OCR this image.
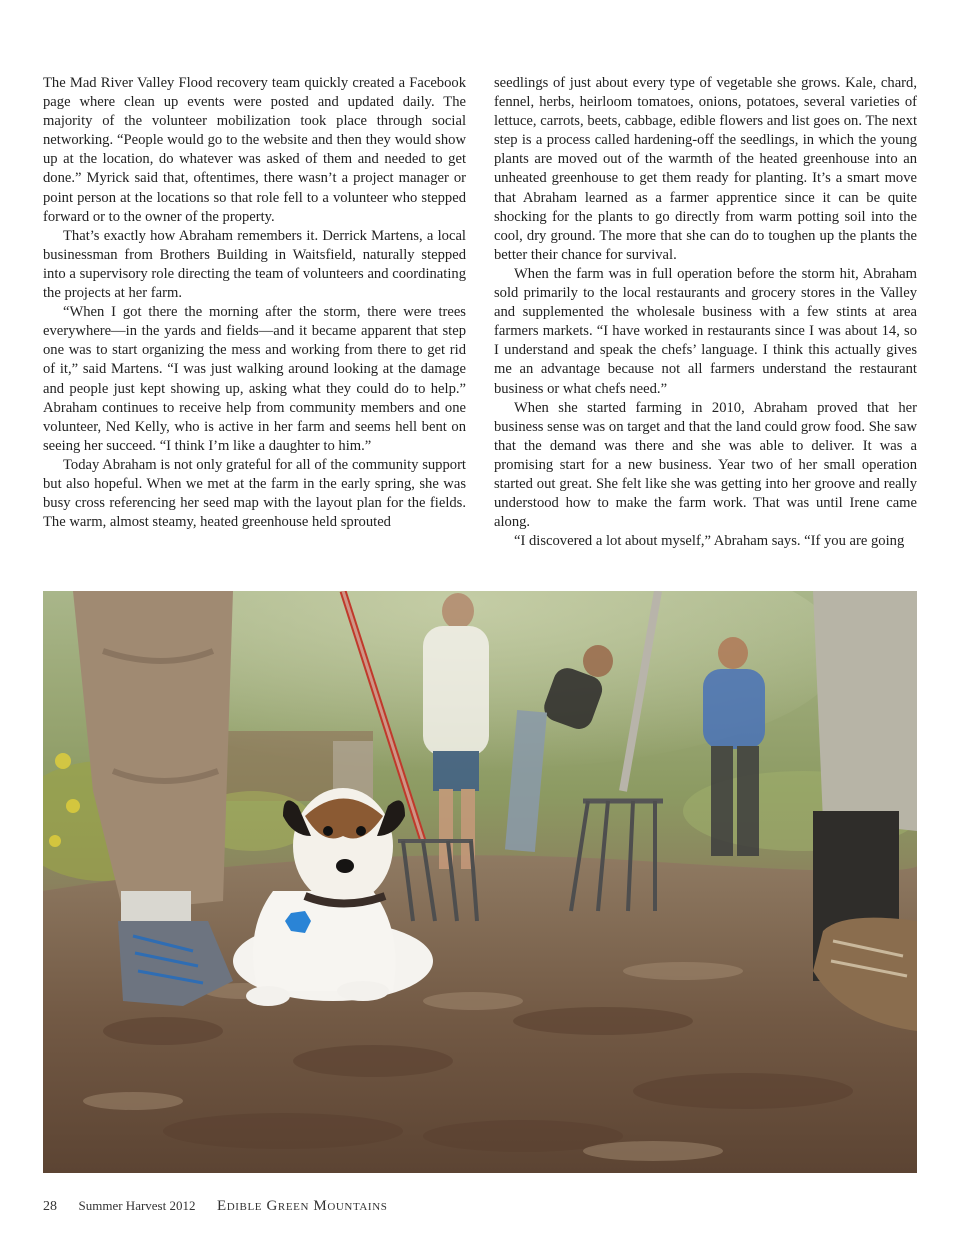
The Mad River Valley Flood recovery team quickly created a Facebook page where clean up events were posted and updated daily. The majority of the volunteer mobilization took place through social networking. “People would go to the website and then they would show up at the location, do whatever was asked of them and needed to get done.” Myrick said that, oftentimes, there wasn’t a project manager or point person at the locations so that role fell to a volunteer who stepped forward or to the owner of the property.

That’s exactly how Abraham remembers it. Derrick Martens, a local businessman from Brothers Building in Waitsfield, naturally stepped into a supervisory role directing the team of volunteers and coordinating the projects at her farm.

“When I got there the morning after the storm, there were trees everywhere—in the yards and fields—and it became apparent that step one was to start organizing the mess and working from there to get rid of it,” said Martens. “I was just walking around looking at the damage and people just kept showing up, asking what they could do to help.” Abraham continues to receive help from community members and one volunteer, Ned Kelly, who is active in her farm and seems hell bent on seeing her succeed. “I think I’m like a daughter to him.”

Today Abraham is not only grateful for all of the community support but also hopeful. When we met at the farm in the early spring, she was busy cross referencing her seed map with the layout plan for the fields. The warm, almost steamy, heated greenhouse held sprouted

seedlings of just about every type of vegetable she grows. Kale, chard, fennel, herbs, heirloom tomatoes, onions, potatoes, several varieties of lettuce, carrots, beets, cabbage, edible flowers and list goes on. The next step is a process called hardening-off the seedlings, in which the young plants are moved out of the warmth of the heated greenhouse into an unheated greenhouse to get them ready for planting. It’s a smart move that Abraham learned as a farmer apprentice since it can be quite shocking for the plants to go directly from warm potting soil into the cool, dry ground. The more that she can do to toughen up the plants the better their chance for survival.

When the farm was in full operation before the storm hit, Abraham sold primarily to the local restaurants and grocery stores in the Valley and supplemented the wholesale business with a few stints at area farmers markets. “I have worked in restaurants since I was about 14, so I understand and speak the chefs’ language. I think this actually gives me an advantage because not all farmers understand the restaurant business or what chefs need.”

When she started farming in 2010, Abraham proved that her business sense was on target and that the land could grow food. She saw that the demand was there and she was able to deliver. It was a promising start for a new business. Year two of her small operation started out great. She felt like she was getting into her groove and really understood how to make the farm work. That was until Irene came along.

“I discovered a lot about myself,” Abraham says. “If you are going

28 Summer Harvest 2012 Edible Green Mountains
